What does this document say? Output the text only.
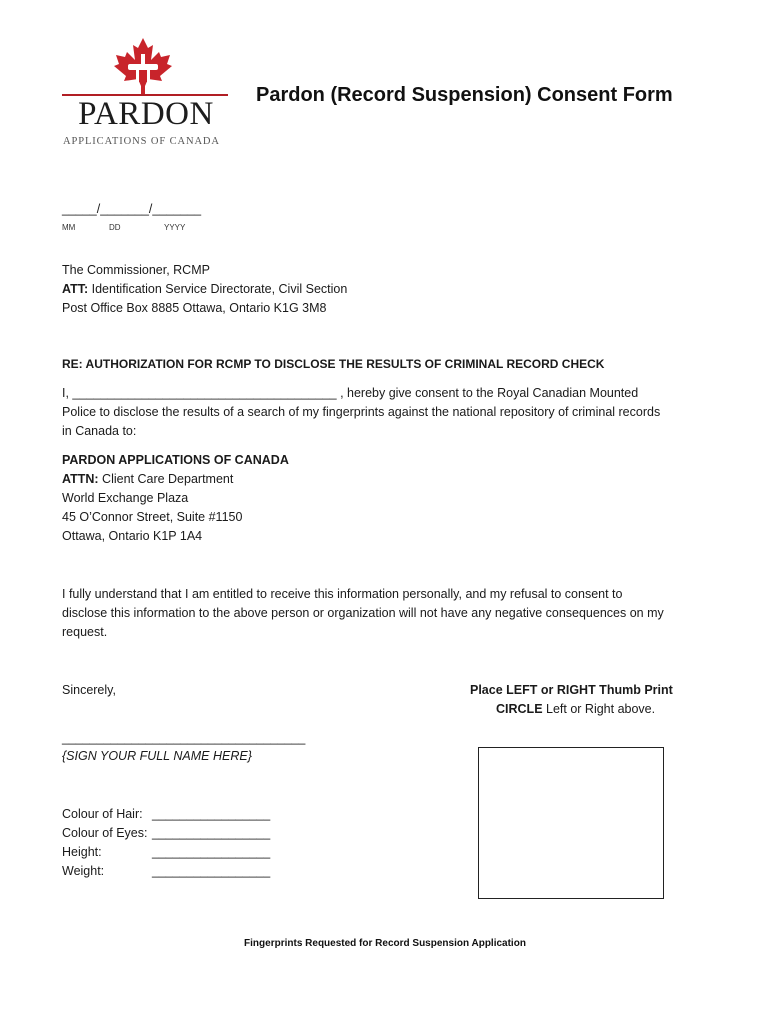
PARDON
APPLICATIONS OF CANADA
Pardon (Record Suspension) Consent Form
_____/_______/_______
MM	DD	YYYY
The Commissioner, RCMP
ATT: Identification Service Directorate, Civil Section
Post Office Box 8885 Ottawa, Ontario K1G 3M8
RE: AUTHORIZATION FOR RCMP TO DISCLOSE THE RESULTS OF CRIMINAL RECORD CHECK
I, ______________________________________ , hereby give consent to the Royal Canadian Mounted
Police to disclose the results of a search of my fingerprints against the national repository of criminal records
in Canada to:
PARDON APPLICATIONS OF CANADA
ATTN: Client Care Department
World Exchange Plaza
45 O’Connor Street, Suite #1150
Ottawa, Ontario K1P 1A4
I fully understand that I am entitled to receive this information personally, and my refusal to consent to
disclose this information to the above person or organization will not have any negative consequences on my
request.
Sincerely,	Place LEFT or RIGHT Thumb Print
CIRCLE Left or Right above.
___________________________________
{SIGN YOUR FULL NAME HERE}
Colour of Hair: _________________
Colour of Eyes: _________________
Height:	_________________
Weight:	_________________
Fingerprints Requested for Record Suspension Application
